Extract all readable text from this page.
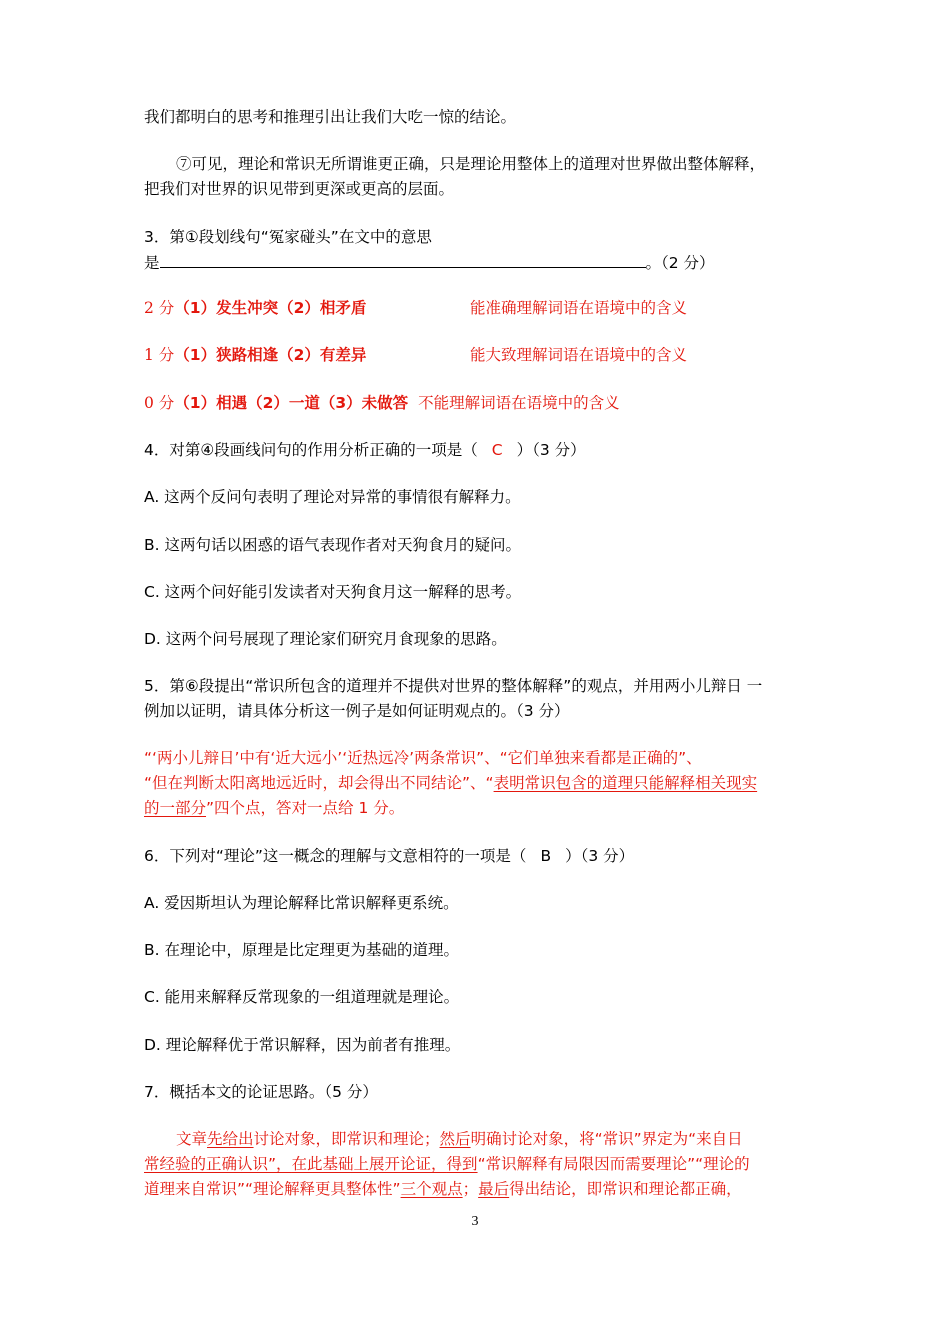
我们都明白的思考和推理引出让我们大吃一惊的结论。
⑦可见，理论和常识无所谓谁更正确，只是理论用整体上的道理对世界做出整体解释，
把我们对世界的识见带到更深或更高的层面。
3．第①段划线句“冤家碰头”在文中的意思
是	。（2 分）
2 分（1）发生冲突（2）相矛盾	能准确理解词语在语境中的含义
1 分（1）狭路相逢（2）有差异	能大致理解词语在语境中的含义
0 分（1）相遇（2）一道（3）未做答 不能理解词语在语境中的含义
4．对第④段画线问句的作用分析正确的一项是（ C ）（3 分）
A. 这两个反问句表明了理论对异常的事情很有解释力。
B. 这两句话以困惑的语气表现作者对天狗食月的疑问。
C. 这两个问好能引发读者对天狗食月这一解释的思考。
D. 这两个问号展现了理论家们研究月食现象的思路。
5．第⑥段提出“常识所包含的道理并不提供对世界的整体解释”的观点，并用两小儿辩日 一
例加以证明，请具体分析这一例子是如何证明观点的。（3 分）
“‘两小儿辩日’中有‘近大远小’‘近热远冷’两条常识”、“它们单独来看都是正确的”、
“但在判断太阳离地远近时，却会得出不同结论”、“表明常识包含的道理只能解释相关现实
的一部分”四个点，答对一点给 1 分。
6．下列对“理论”这一概念的理解与文意相符的一项是（ B ）（3 分）
A. 爱因斯坦认为理论解释比常识解释更系统。
B. 在理论中，原理是比定理更为基础的道理。
C. 能用来解释反常现象的一组道理就是理论。
D. 理论解释优于常识解释，因为前者有推理。
7．概括本文的论证思路。（5 分）
文章先给出讨论对象，即常识和理论；然后明确讨论对象，将“常识”界定为“来自日
常经验的正确认识”，在此基础上展开论证，得到“常识解释有局限因而需要理论”“理论的
道理来自常识”“理论解释更具整体性”三个观点；最后得出结论，即常识和理论都正确，
3
